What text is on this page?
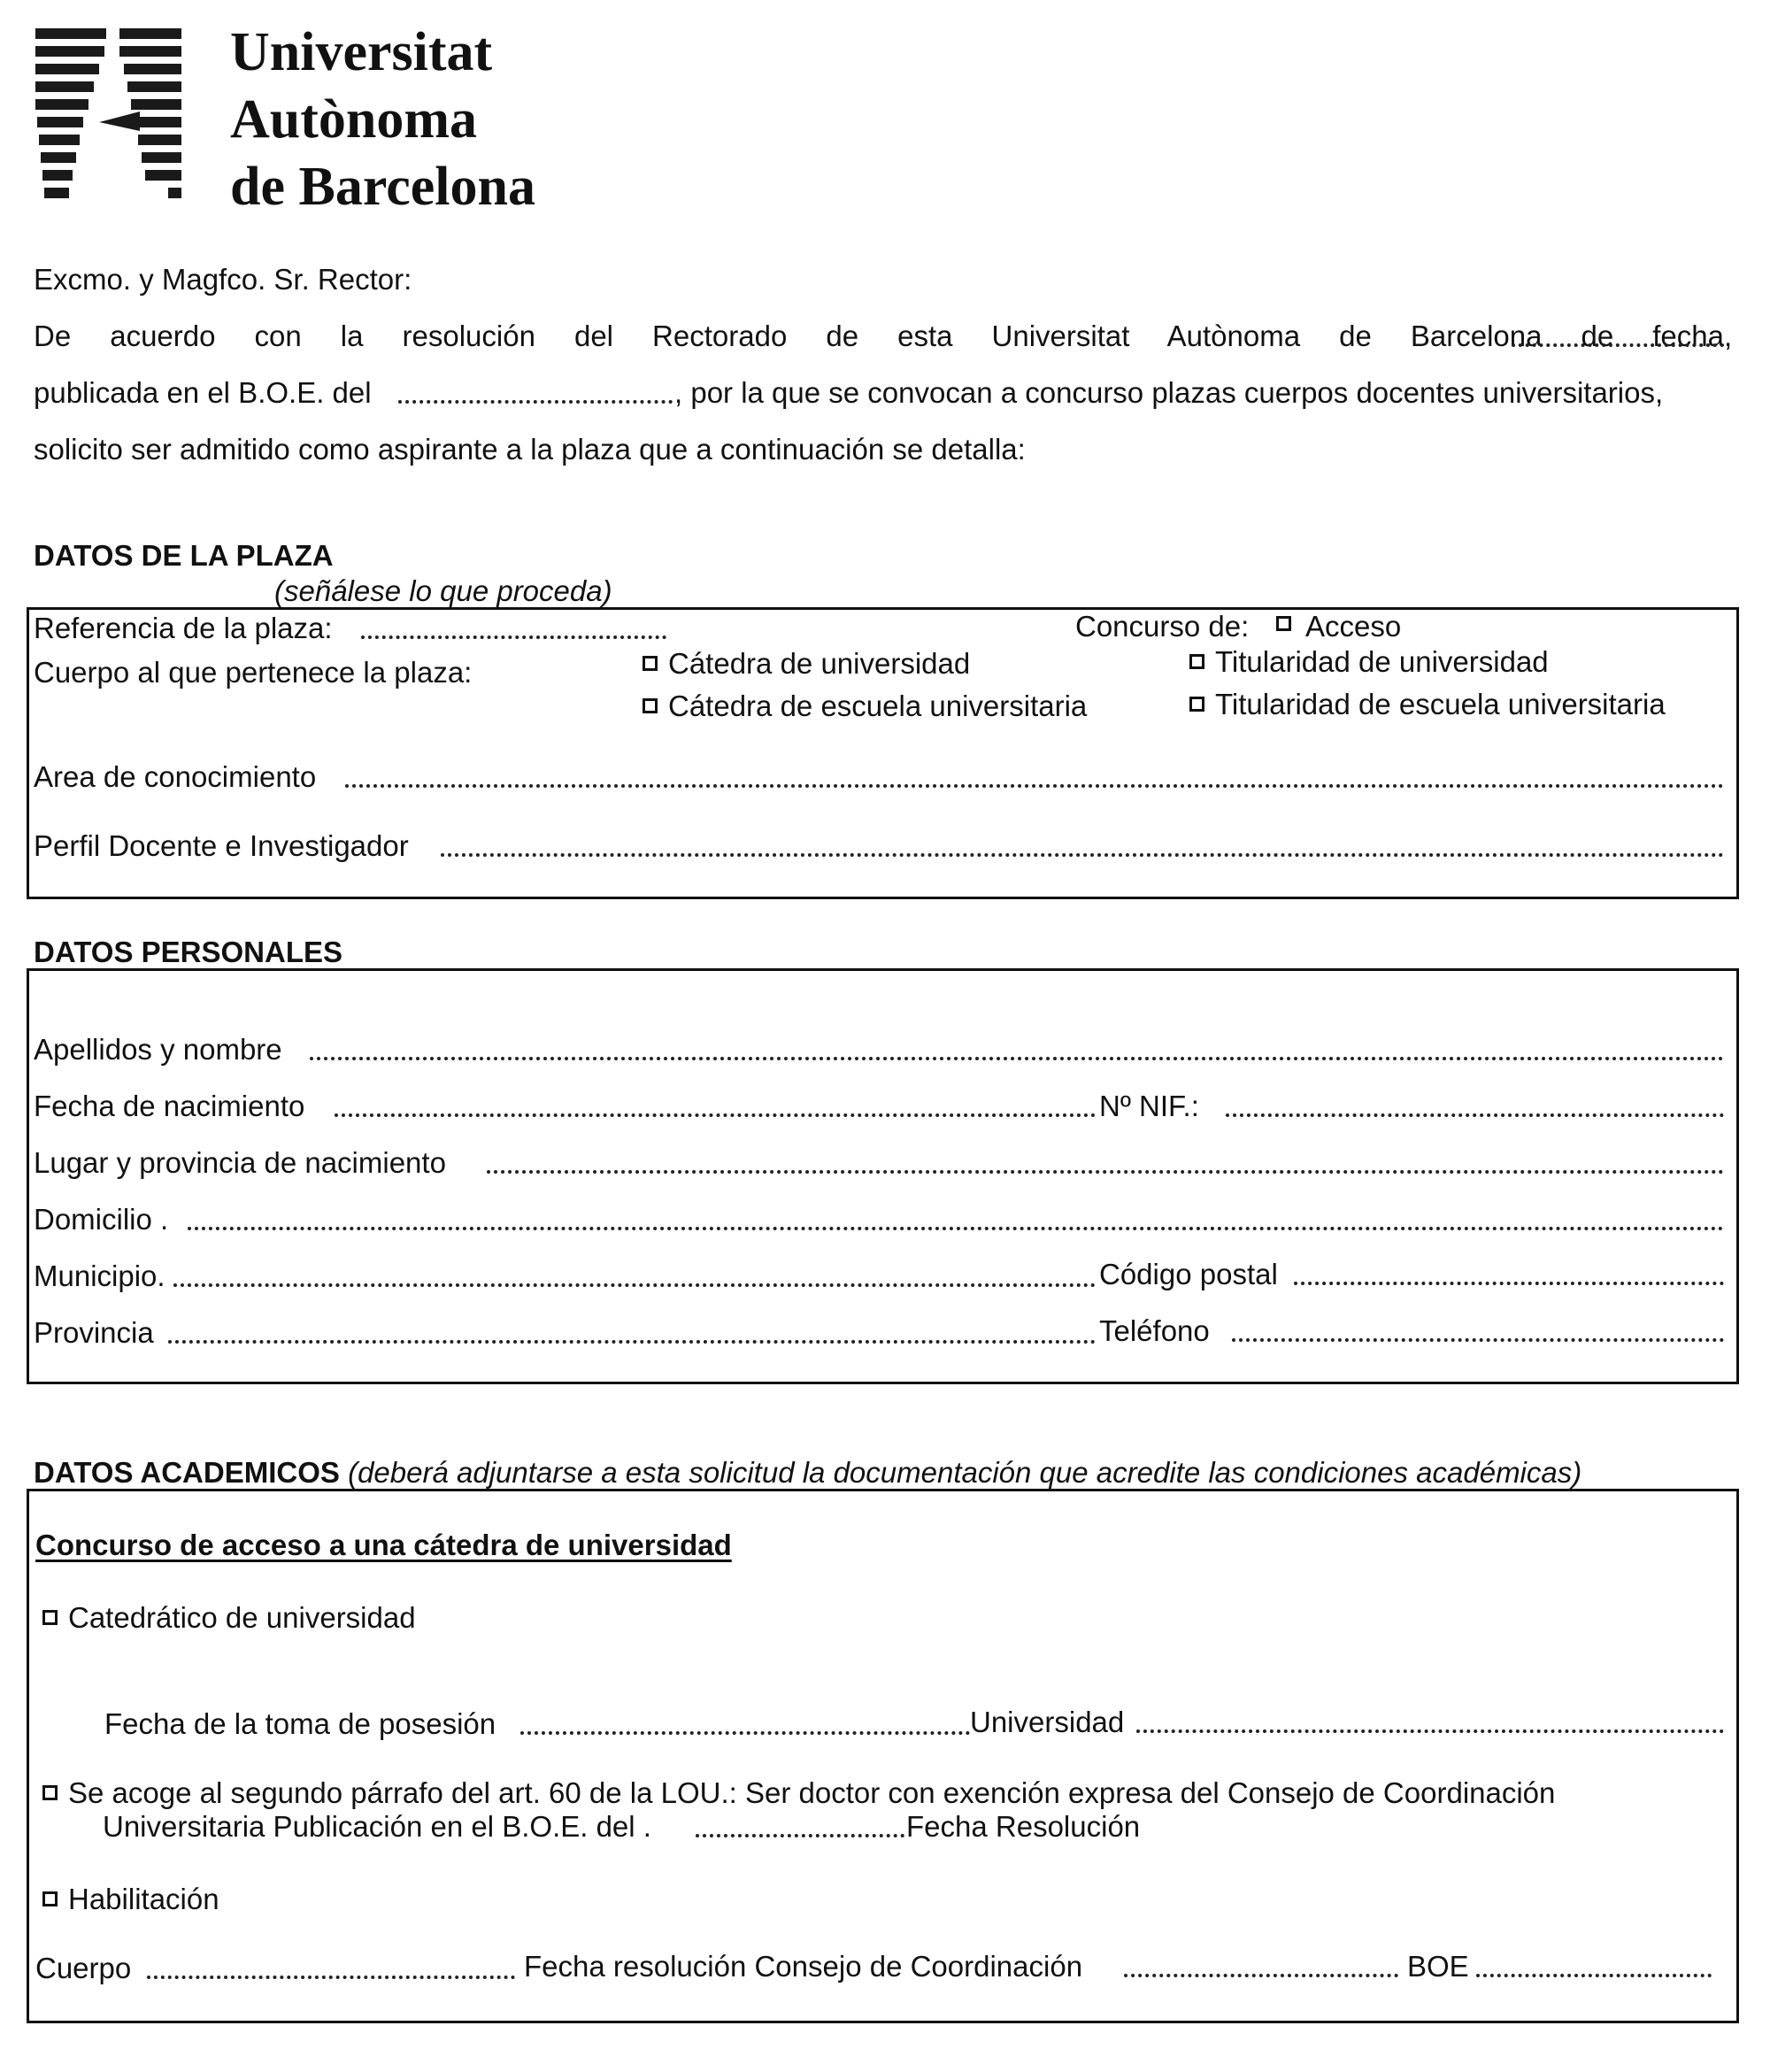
Universitat
Autònoma
de Barcelona
Excmo. y Magfco. Sr. Rector:
De acuerdo con la resolución del Rectorado de esta Universitat Autònoma de Barcelona de fecha ,
publicada en el B.O.E. del	, por la que se convocan a concurso plazas cuerpos docentes universitarios,
solicito ser admitido como aspirante a la plaza que a continuación se detalla:
DATOS DE LA PLAZA
(señálese lo que proceda)
Referencia de la plaza:	Concurso de: Acceso
Cuerpo al que pertenece la plaza:	Cátedra de universidad	Titularidad de universidad
Cátedra de escuela universitaria	Titularidad de escuela universitaria
Area de conocimiento
Perfil Docente e Investigador
DATOS PERSONALES
Apellidos y nombre
Fecha de nacimiento	Nº NIF.:
Lugar y provincia de nacimiento
Domicilio .
Municipio.	Código postal
Provincia	Teléfono
DATOS ACADEMICOS (deberá adjuntarse a esta solicitud la documentación que acredite las condiciones académicas)
Concurso de acceso a una cátedra de universidad
Catedrático de universidad
Fecha de la toma de posesión	Universidad
Se acoge al segundo párrafo del art. 60 de la LOU.: Ser doctor con exención expresa del Consejo de Coordinación
Universitaria Publicación en el B.O.E. del .	Fecha Resolución
Habilitación
Cuerpo	Fecha resolución Consejo de Coordinación	BOE
